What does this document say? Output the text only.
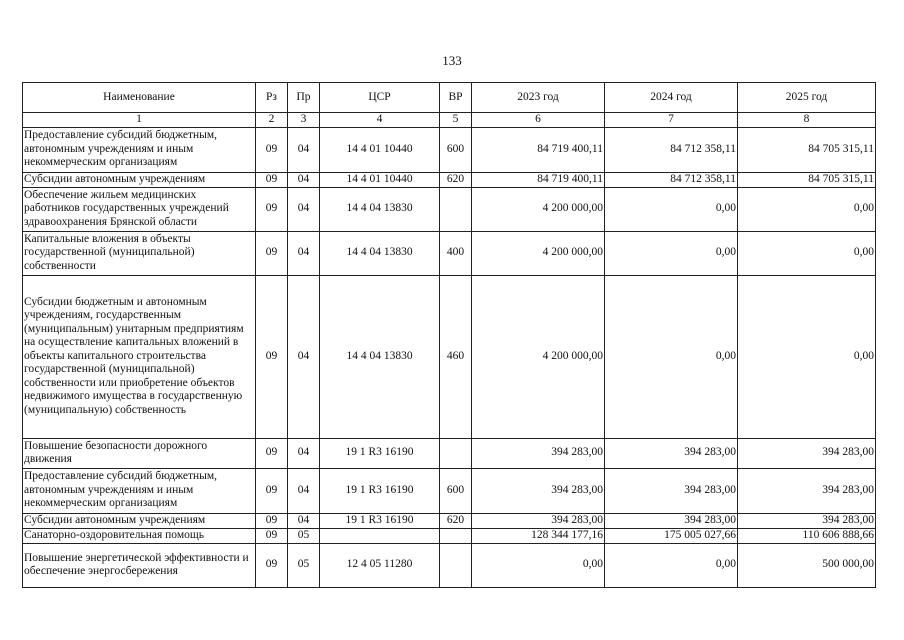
133
Наименование	Рз	Пр	ЦСР	ВР	2023 год	2024 год	2025 год
1	2	3	4	5	6	7	8
Предоставление субсидий бюджетным, автономным учреждениям и иным некоммерческим организациям	09	04	14 4 01 10440	600	84 719 400,11	84 712 358,11	84 705 315,11
Субсидии автономным учреждениям	09	04	14 4 01 10440	620	84 719 400,11	84 712 358,11	84 705 315,11
Обеспечение жильем медицинских работников государственных учреждений здравоохранения Брянской области	09	04	14 4 04 13830		4 200 000,00	0,00	0,00
Капитальные вложения в объекты государственной (муниципальной) собственности	09	04	14 4 04 13830	400	4 200 000,00	0,00	0,00
Субсидии бюджетным и автономным учреждениям, государственным (муниципальным) унитарным предприятиям на осуществление капитальных вложений в объекты капитального строительства государственной (муниципальной) собственности или приобретение объектов недвижимого имущества в государственную (муниципальную) собственность	09	04	14 4 04 13830	460	4 200 000,00	0,00	0,00
Повышение безопасности дорожного движения	09	04	19 1 R3 16190		394 283,00	394 283,00	394 283,00
Предоставление субсидий бюджетным, автономным учреждениям и иным некоммерческим организациям	09	04	19 1 R3 16190	600	394 283,00	394 283,00	394 283,00
Субсидии автономным учреждениям	09	04	19 1 R3 16190	620	394 283,00	394 283,00	394 283,00
Санаторно-оздоровительная помощь	09	05			128 344 177,16	175 005 027,66	110 606 888,66
Повышение энергетической эффективности и обеспечение энергосбережения	09	05	12 4 05 11280		0,00	0,00	500 000,00
